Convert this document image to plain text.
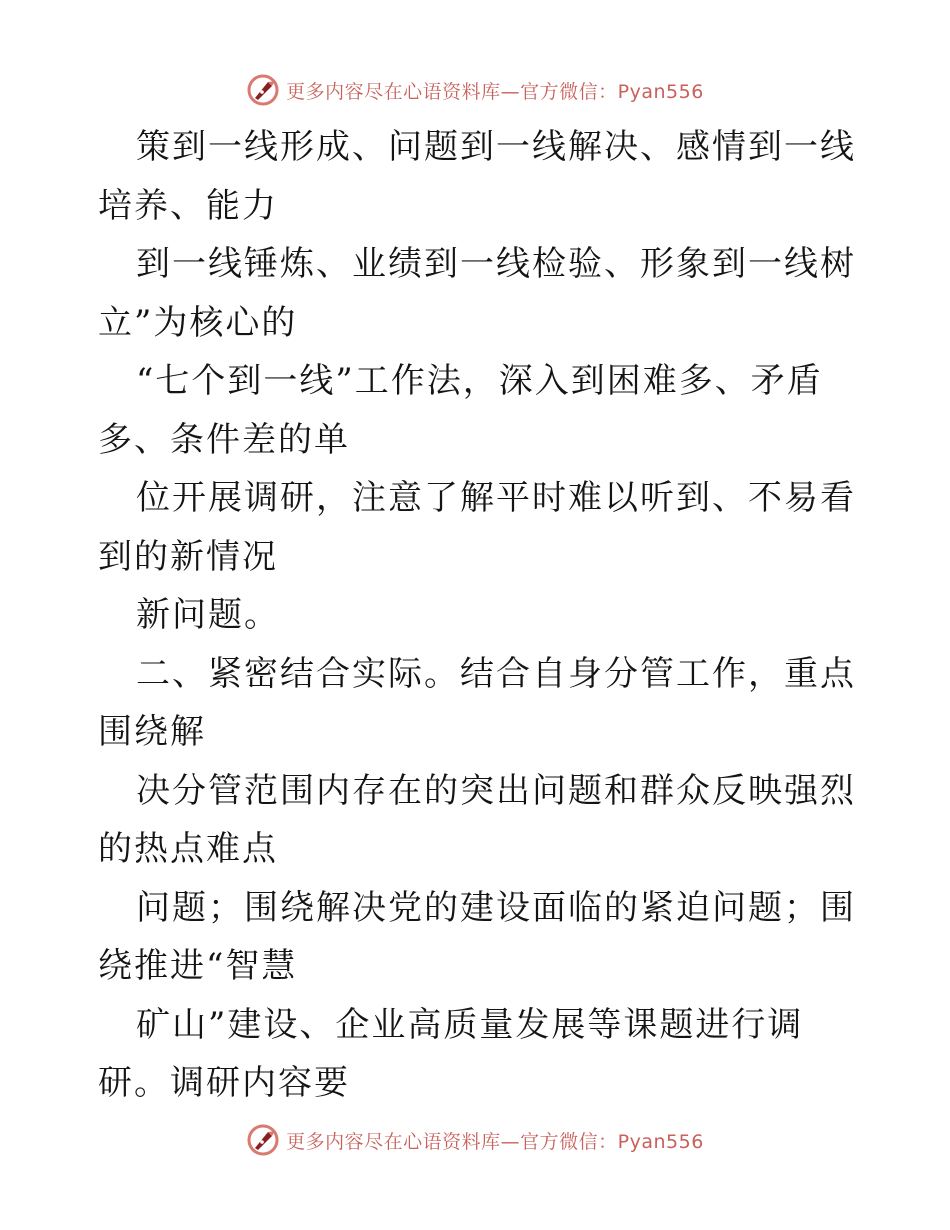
更多内容尽在心语资料库—官方微信：Pyan556

策到一线形成、问题到一线解决、感情到一线培养、能力

到一线锤炼、业绩到一线检验、形象到一线树立”为核心的

“七个到一线”工作法，深入到困难多、矛盾多、条件差的单

位开展调研，注意了解平时难以听到、不易看到的新情况

新问题。

二、紧密结合实际。结合自身分管工作，重点围绕解

决分管范围内存在的突出问题和群众反映强烈的热点难点

问题；围绕解决党的建设面临的紧迫问题；围绕推进“智慧

矿山”建设、企业高质量发展等课题进行调研。调研内容要

更多内容尽在心语资料库—官方微信：Pyan556
